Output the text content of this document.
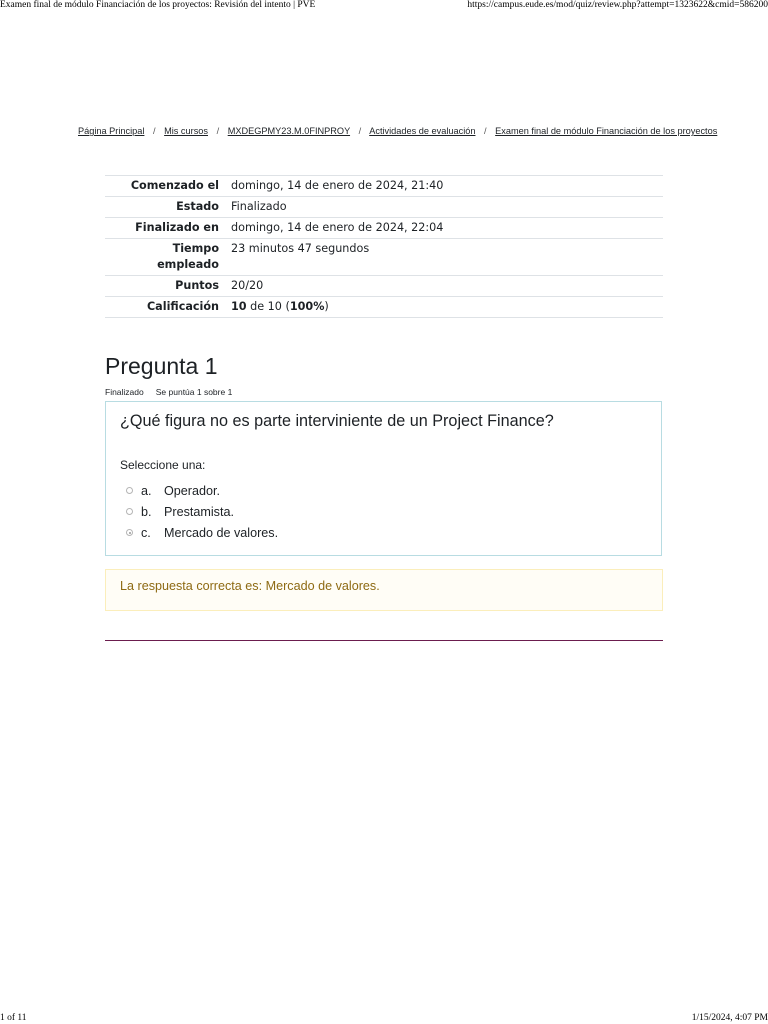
Examen final de módulo Financiación de los proyectos: Revisión del intento | PVE	https://campus.eude.es/mod/quiz/review.php?attempt=1323622&cmid=586200
Página Principal / Mis cursos / MXDEGPMY23.M.0FINPROY / Actividades de evaluación / Examen final de módulo Financiación de los proyectos
Comenzado el	domingo, 14 de enero de 2024, 21:40
Estado	Finalizado
Finalizado en	domingo, 14 de enero de 2024, 22:04
Tiempo
empleado	23 minutos 47 segundos
Puntos	20/20
Calificación	10 de 10 (100%)
Pregunta 1
Finalizado Se puntúa 1 sobre 1
¿Qué figura no es parte interviniente de un Project Finance?
Seleccione una:
a. Operador.
b. Prestamista.
c.	Mercado de valores.
La respuesta correcta es: Mercado de valores.
1 of 11	1/15/2024, 4:07 PM
